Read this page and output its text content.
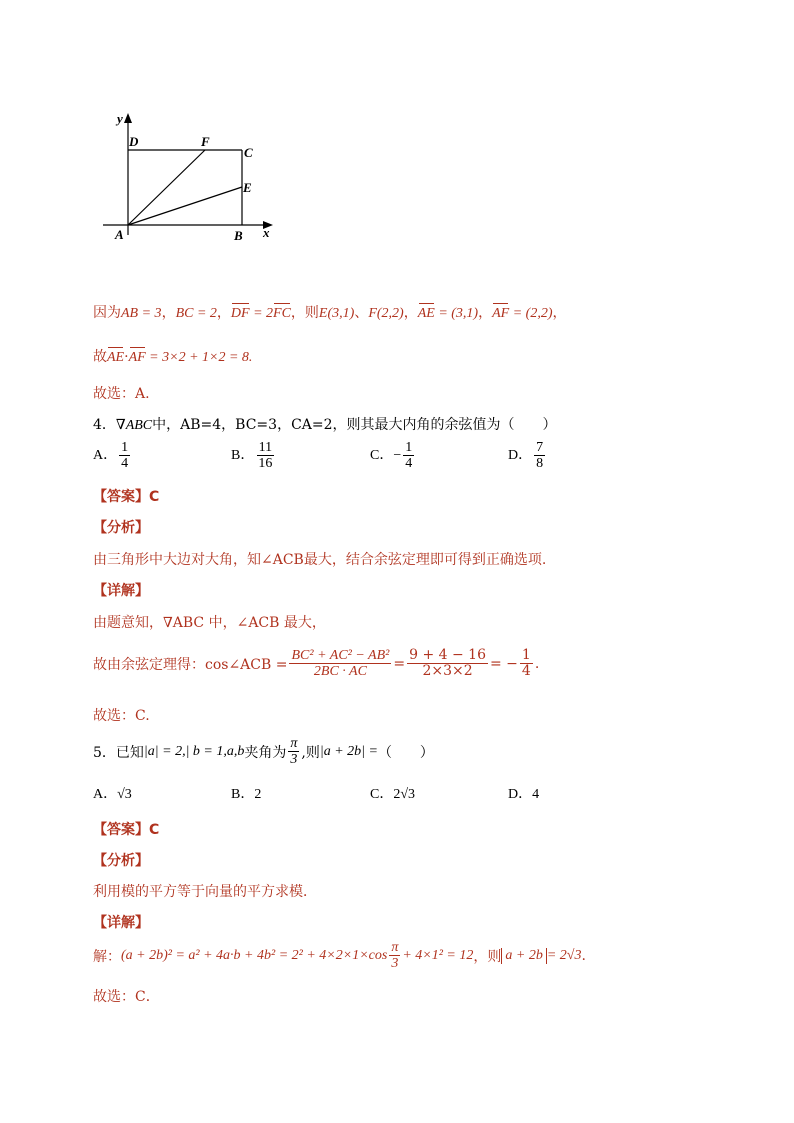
y
x
D	F
C
E
A	B
因为AB = 3，BC = 2，DF = 2FC，则E(3,1)、F(2,2)，AE = (3,1)，AF = (2,2)，
故AE·AF = 3×2 + 1×2 = 8.
故选：A.
4．∇ABC中，AB=4，BC=3，CA=2，则其最大内角的余弦值为（　　）
A． $\frac{1}{4}$	B． $\frac{11}{16}$	C．− $\frac{1}{4}$	D． $\frac{7}{8}$
【答案】C
【分析】
由三角形中大边对大角，知∠ACB最大，结合余弦定理即可得到正确选项.
【详解】
由题意知，∇ABC 中，∠ACB 最大，
故由余弦定理得：cos∠ACB = $\frac{\text{BC² + AC² − AB²}}{2BC \cdot AC} = \frac{9 + 4 - 16}{2\times 3\times 2}$ = − $\frac{1}{4}$ .
故选：C.
5． 已知 |a| = 2,| b = 1,a,b 夹角为 $\frac{\pi}{3}$ ,则 |a + 2b| = （　　）
A．√3	B．2	C．2√3	D．4
【答案】C
【分析】
利用模的平方等于向量的平方求模．
【详解】
解： $(a + 2b)^2 = a^2 + 4a\cdot b + 4b^2 = 2^2 + 4\times 2\times 1\times\cos \frac{\pi}{3} + 4\times 1^2 = 12$ ，则 a + 2b = 2√3 .
故选：C．
